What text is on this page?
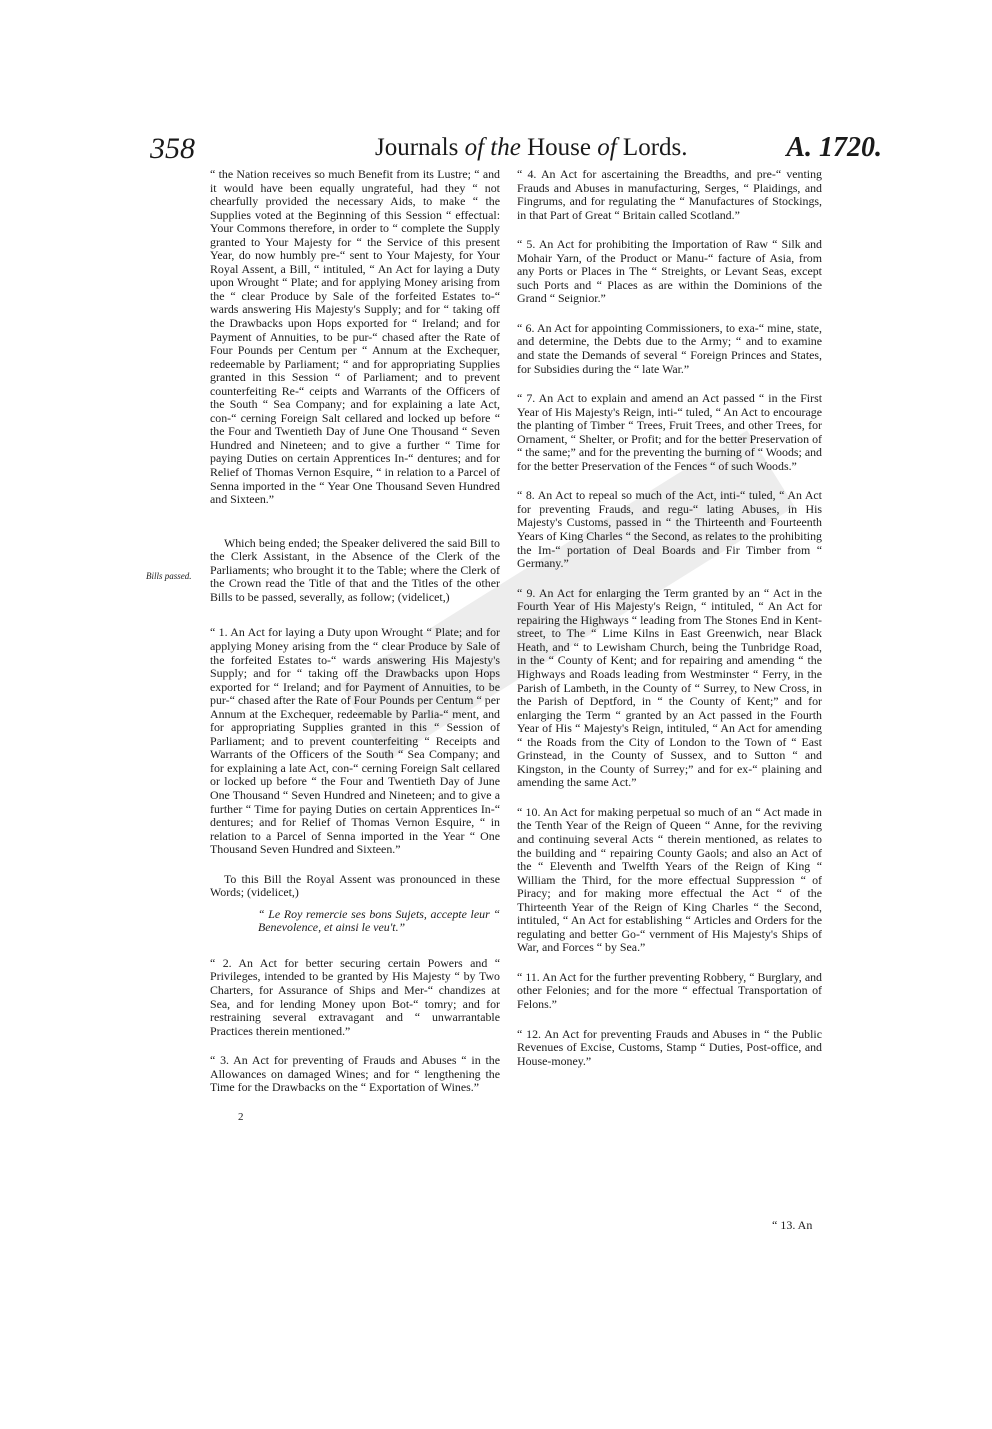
358	Journals of the House of Lords.	A. 1720.
Bills passed.

“ the Nation receives so much Benefit from its Lustre; “ and it would have been equally ungrateful, had they “ not chearfully provided the necessary Aids, to make “ the Supplies voted at the Beginning of this Session “ effectual: Your Commons therefore, in order to “ complete the Supply granted to Your Majesty for “ the Service of this present Year, do now humbly pre-“ sent to Your Majesty, for Your Royal Assent, a Bill, “ intituled, “ An Act for laying a Duty upon Wrought “ Plate; and for applying Money arising from the “ clear Produce by Sale of the forfeited Estates to-“ wards answering His Majesty's Supply; and for “ taking off the Drawbacks upon Hops exported for “ Ireland; and for Payment of Annuities, to be pur-“ chased after the Rate of Four Pounds per Centum per “ Annum at the Exchequer, redeemable by Parliament; “ and for appropriating Supplies granted in this Session “ of Parliament; and to prevent counterfeiting Re-“ ceipts and Warrants of the Officers of the South “ Sea Company; and for explaining a late Act, con-“ cerning Foreign Salt cellared and locked up before “ the Four and Twentieth Day of June One Thousand “ Seven Hundred and Nineteen; and to give a further “ Time for paying Duties on certain Apprentices In-“ dentures; and for Relief of Thomas Vernon Esquire, “ in relation to a Parcel of Senna imported in the “ Year One Thousand Seven Hundred and Sixteen.”

Which being ended; the Speaker delivered the said Bill to the Clerk Assistant, in the Absence of the Clerk of the Parliaments; who brought it to the Table; where the Clerk of the Crown read the Title of that and the Titles of the other Bills to be passed, severally, as follow; (videlicet,)

“ 1. An Act for laying a Duty upon Wrought “ Plate; and for applying Money arising from the “ clear Produce by Sale of the forfeited Estates to-“ wards answering His Majesty's Supply; and for “ taking off the Drawbacks upon Hops exported for “ Ireland; and for Payment of Annuities, to be pur-“ chased after the Rate of Four Pounds per Centum “ per Annum at the Exchequer, redeemable by Parlia-“ ment, and for appropriating Supplies granted in this “ Session of Parliament; and to prevent counterfeiting “ Receipts and Warrants of the Officers of the South “ Sea Company; and for explaining a late Act, con-“ cerning Foreign Salt cellared or locked up before “ the Four and Twentieth Day of June One Thousand “ Seven Hundred and Nineteen; and to give a further “ Time for paying Duties on certain Apprentices In-“ dentures; and for Relief of Thomas Vernon Esquire, “ in relation to a Parcel of Senna imported in the Year “ One Thousand Seven Hundred and Sixteen.”

To this Bill the Royal Assent was pronounced in these Words; (videlicet,)

“ Le Roy remercie ses bons Sujets, accepte leur “ Benevolence, et ainsi le veu't.”

“ 2. An Act for better securing certain Powers and “ Privileges, intended to be granted by His Majesty “ by Two Charters, for Assurance of Ships and Mer-“ chandizes at Sea, and for lending Money upon Bot-“ tomry; and for restraining several extravagant and “ unwarrantable Practices therein mentioned.”

“ 3. An Act for preventing of Frauds and Abuses “ in the Allowances on damaged Wines; and for “ lengthening the Time for the Drawbacks on the “ Exportation of Wines.”

2

“ 4. An Act for ascertaining the Breadths, and pre-“ venting Frauds and Abuses in manufacturing, Serges, “ Plaidings, and Fingrums, and for regulating the “ Manufactures of Stockings, in that Part of Great “ Britain called Scotland.”

“ 5. An Act for prohibiting the Importation of Raw “ Silk and Mohair Yarn, of the Product or Manu-“ facture of Asia, from any Ports or Places in The “ Streights, or Levant Seas, except such Ports and “ Places as are within the Dominions of the Grand “ Seignior.”

“ 6. An Act for appointing Commissioners, to exa-“ mine, state, and determine, the Debts due to the Army; “ and to examine and state the Demands of several “ Foreign Princes and States, for Subsidies during the “ late War.”

“ 7. An Act to explain and amend an Act passed “ in the First Year of His Majesty's Reign, inti-“ tuled, “ An Act to encourage the planting of Timber “ Trees, Fruit Trees, and other Trees, for Ornament, “ Shelter, or Profit; and for the better Preservation of “ the same;” and for the preventing the burning of “ Woods; and for the better Preservation of the Fences “ of such Woods.”

“ 8. An Act to repeal so much of the Act, inti-“ tuled, “ An Act for preventing Frauds, and regu-“ lating Abuses, in His Majesty's Customs, passed in “ the Thirteenth and Fourteenth Years of King Charles “ the Second, as relates to the prohibiting the Im-“ portation of Deal Boards and Fir Timber from “ Germany.”

“ 9. An Act for enlarging the Term granted by an “ Act in the Fourth Year of His Majesty's Reign, “ intituled, “ An Act for repairing the Highways “ leading from The Stones End in Kent-street, to The “ Lime Kilns in East Greenwich, near Black Heath, and “ to Lewisham Church, being the Tunbridge Road, in the “ County of Kent; and for repairing and amending “ the Highways and Roads leading from Westminster “ Ferry, in the Parish of Lambeth, in the County of “ Surrey, to New Cross, in the Parish of Deptford, in “ the County of Kent;” and for enlarging the Term “ granted by an Act passed in the Fourth Year of His “ Majesty's Reign, intituled, “ An Act for amending “ the Roads from the City of London to the Town of “ East Grinstead, in the County of Sussex, and to Sutton “ and Kingston, in the County of Surrey;” and for ex-“ plaining and amending the same Act.”

“ 10. An Act for making perpetual so much of an “ Act made in the Tenth Year of the Reign of Queen “ Anne, for the reviving and continuing several Acts “ therein mentioned, as relates to the building and “ repairing County Gaols; and also an Act of the “ Eleventh and Twelfth Years of the Reign of King “ William the Third, for the more effectual Suppression “ of Piracy; and for making more effectual the Act “ of the Thirteenth Year of the Reign of King Charles “ the Second, intituled, “ An Act for establishing “ Articles and Orders for the regulating and better Go-“ vernment of His Majesty's Ships of War, and Forces “ by Sea.”

“ 11. An Act for the further preventing Robbery, “ Burglary, and other Felonies; and for the more “ effectual Transportation of Felons.”

“ 12. An Act for preventing Frauds and Abuses in “ the Public Revenues of Excise, Customs, Stamp “ Duties, Post-office, and House-money.”

“ 13. An
